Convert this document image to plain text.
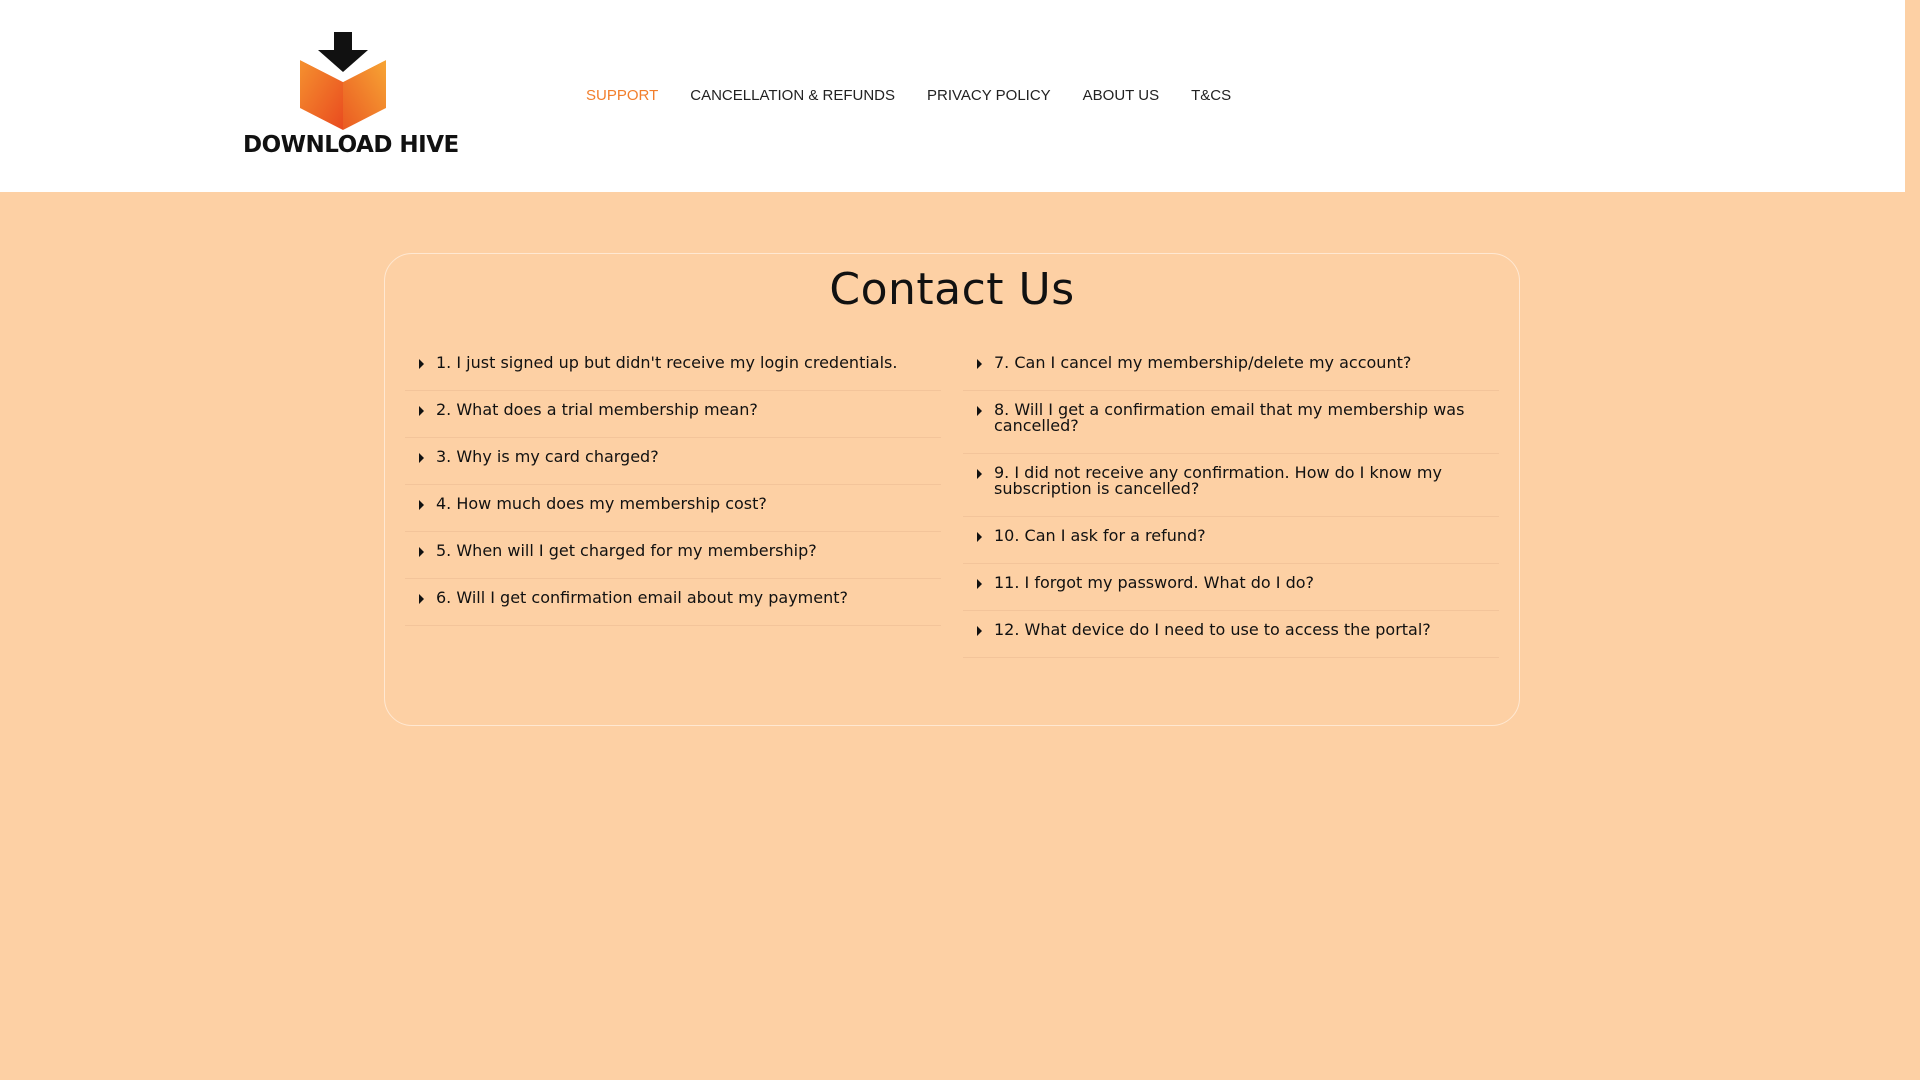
DOWNLOAD HIVE
SUPPORT CANCELLATION & REFUNDS PRIVACY POLICY ABOUT US T&CS
Contact Us
1. I just signed up but didn't receive my login credentials.
2. What does a trial membership mean?
3. Why is my card charged?
4. How much does my membership cost?
5. When will I get charged for my membership?
6. Will I get confirmation email about my payment?
7. Can I cancel my membership/delete my account?
8. Will I get a confirmation email that my membership was cancelled?
9. I did not receive any confirmation. How do I know my subscription is cancelled?
10. Can I ask for a refund?
11. I forgot my password. What do I do?
12. What device do I need to use to access the portal?
